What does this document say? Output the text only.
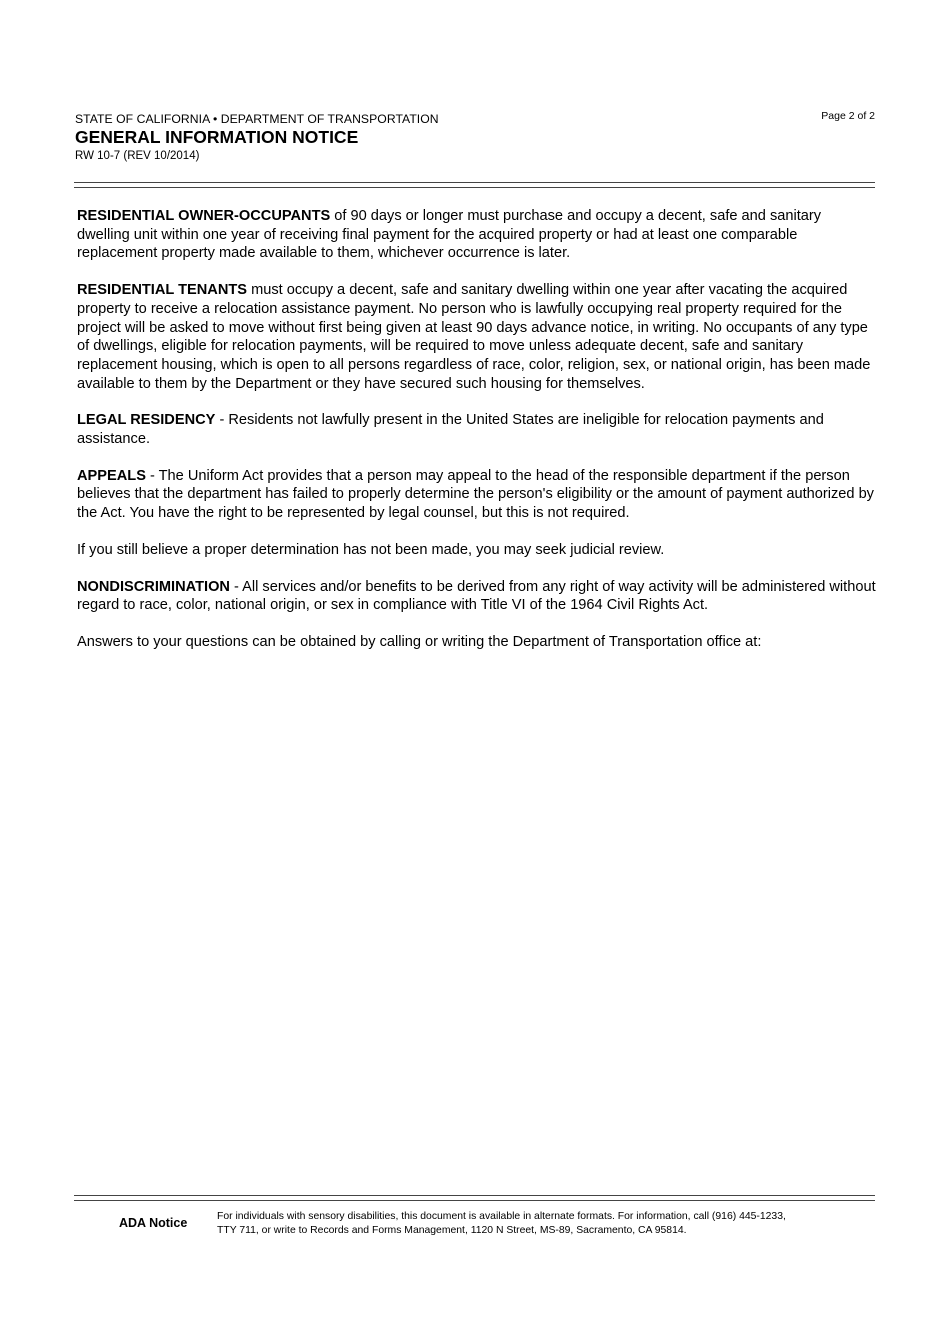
STATE OF CALIFORNIA • DEPARTMENT OF TRANSPORTATION
GENERAL INFORMATION NOTICE
RW 10-7 (REV 10/2014)
Page 2 of 2

RESIDENTIAL OWNER-OCCUPANTS of 90 days or longer must purchase and occupy a decent, safe and sanitary dwelling unit within one year of receiving final payment for the acquired property or had at least one comparable replacement property made available to them, whichever occurrence is later.

RESIDENTIAL TENANTS must occupy a decent, safe and sanitary dwelling within one year after vacating the acquired property to receive a relocation assistance payment. No person who is lawfully occupying real property required for the project will be asked to move without first being given at least 90 days advance notice, in writing. No occupants of any type of dwellings, eligible for relocation payments, will be required to move unless adequate decent, safe and sanitary replacement housing, which is open to all persons regardless of race, color, religion, sex, or national origin, has been made available to them by the Department or they have secured such housing for themselves.

LEGAL RESIDENCY - Residents not lawfully present in the United States are ineligible for relocation payments and assistance.

APPEALS - The Uniform Act provides that a person may appeal to the head of the responsible department if the person believes that the department has failed to properly determine the person's eligibility or the amount of payment authorized by the Act. You have the right to be represented by legal counsel, but this is not required.

If you still believe a proper determination has not been made, you may seek judicial review.

NONDISCRIMINATION - All services and/or benefits to be derived from any right of way activity will be administered without regard to race, color, national origin, or sex in compliance with Title VI of the 1964 Civil Rights Act.

Answers to your questions can be obtained by calling or writing the Department of Transportation office at:

ADA Notice	For individuals with sensory disabilities, this document is available in alternate formats. For information, call (916) 445-1233,
TTY 711, or write to Records and Forms Management, 1120 N Street, MS-89, Sacramento, CA 95814.
